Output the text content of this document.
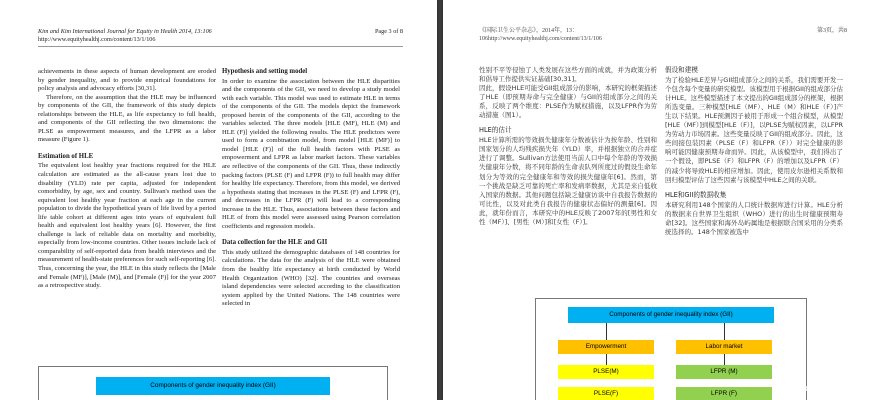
Kim and Kim International Journal for Equity in Health 2014, 13:106
http://www.equityhealthj.com/content/13/1/106
Page 3 of 8

achievements in these aspects of human development are eroded by gender inequality, and to provide empirical foundations for policy analysis and advocacy efforts [30,31].

Therefore, on the assumption that the HLE may be influenced by components of the GII, the framework of this study depicts relationships between the HLE, as life expectancy to full health, and components of the GII reflecting the two dimensions: the PLSE as empowerment measures, and the LFPR as a labor measure (Figure 1).

Estimation of HLE

The equivalent lost healthy year fractions required for the HLE calculation are estimated as the all-cause years lost due to disability (YLD) rate per capita, adjusted for independent comorbidity, by age, sex and country. Sullivan's method uses the equivalent lost healthy year fraction at each age in the current population to divide the hypothetical years of life lived by a period life table cohort at different ages into years of equivalent full health and equivalent lost healthy years [6]. However, the first challenge is lack of reliable data on mortality and morbidity, especially from low-income countries. Other issues include lack of comparability of self-reported data from health interviews and the measurement of health-state preferences for such self-reporting [6]. Thus, concerning the year, the HLE in this study reflects the [Male and Female (MF)], [Male (M)], and [Female (F)] for the year 2007 as a retrospective study.

Hypothesis and setting model

In order to examine the association between the HLE disparities and the components of the GII, we need to develop a study model with each variable. This model was used to estimate HLE in terms of the components of the GII. The models depict the framework proposed herein of the components of the GII, according to the variables selected. The three models [HLE (MF), HLE (M) and HLE (F)] yielded the following results. The HLE predictors were used to form a combination model, from model [HLE (MF)] to model [HLE (F)] of the full health factors with PLSE as empowerment and LFPR as labor market factors. These variables are reflective of the components of the GII. Thus, these indirectly packing factors (PLSE (F) and LFPR (F)) to full health may differ for healthy life expectancy. Therefore, from this model, we derived a hypothesis stating that increases in the PLSE (F) and LFPR (F), and decreases in the LFPR (F) will lead to a corresponding increase in the HLE. Thus, associations between these factors and HLE of from this model were assessed using Pearson correlation coefficients and regression models.

Data collection for the HLE and GII

This study utilized the demographic databases of 148 countries for calculations. The data for the analysis of the HLE were obtained from the healthy life expectancy at birth conducted by World Health Organization (WHO) [32]. The countries and overseas island dependencies were selected according to the classification system applied by the United Nations. The 148 countries were selected in

Components of gender inequality index (GII)
《国际卫生公平杂志》，2014年，13：
106http://www.equityhealthj.com/content/13/1/106
第3页，共8

性别不平等侵蚀了人类发展在这些方面的成就，并为政策分析和倡导工作提供实证基础[30,31]。

因此，假设HLE可能受GII组成部分的影响，本研究的框架描述了HLE（即预期寿命与完全健康）与GII的组成部分之间的关系，反映了两个维度：PLSE作为赋权措施，以及LFPR作为劳动措施（图1）。

HLE的估计

HLE计算所需的等效损失健康年分数被估计为按年龄、性别和国家划分的人均残疾损失年（YLD）率，并根据独立的合并症进行了调整。Sullivan方法使用当前人口中每个年龄的等效损失健康年分数，将不同年龄的生命表队列所度过的假设生命年划分为等效的完全健康年和等效的损失健康年[6]。然而，第一个挑战是缺乏可靠的死亡率和发病率数据，尤其是来自低收入国家的数据。其他问题包括缺乏健康访谈中自我报告数据的可比性，以及对此类自我报告的健康状态偏好的测量[6]。因此，就年份而言，本研究中的HLE反映了2007年的[男性和女性（MF）]、[男性（M）]和[女性（F）]。

假设和建模

为了检验HLE差异与GII组成部分之间的关系，我们需要开发一个包含每个变量的研究模型。该模型用于根据GII的组成部分估计HLE。这些模型描述了本文提出的GII组成部分的框架，根据所选变量。三种模型[HLE（MF）、HLE（M）和HLE（F）]产生以下结果。HLE预测因子被用于形成一个组合模型，从模型[HLE（MF）]到模型[HLE（F）]，以PLSE为赋权因素，以LFPR为劳动力市场因素。这些变量反映了GII的组成部分。因此，这些间接包装因素（PLSE（F）和LFPR（F））对完全健康的影响可能因健康预期寿命而异。因此，从该模型中，我们得出了一个假设，即PLSE（F）和LFPR（F）的增加以及LFPR（F）的减少将导致HLE的相应增加。因此，使用皮尔逊相关系数和回归模型评估了这些因素与该模型中HLE之间的关联。

HLE和GII的数据收集

本研究利用148个国家的人口统计数据库进行计算。HLE分析的数据来自世界卫生组织（WHO）进行的出生时健康预期寿命[32]。这些国家和海外岛屿属地是根据联合国采用的分类系统选择的。148个国家被选中

Components of gender inequality index (GII)
Empowerment	Labor market
PLSE(M)	LFPR (M)
PLSE(F)	LFPR (F)
CSDN @六神论文推荐
